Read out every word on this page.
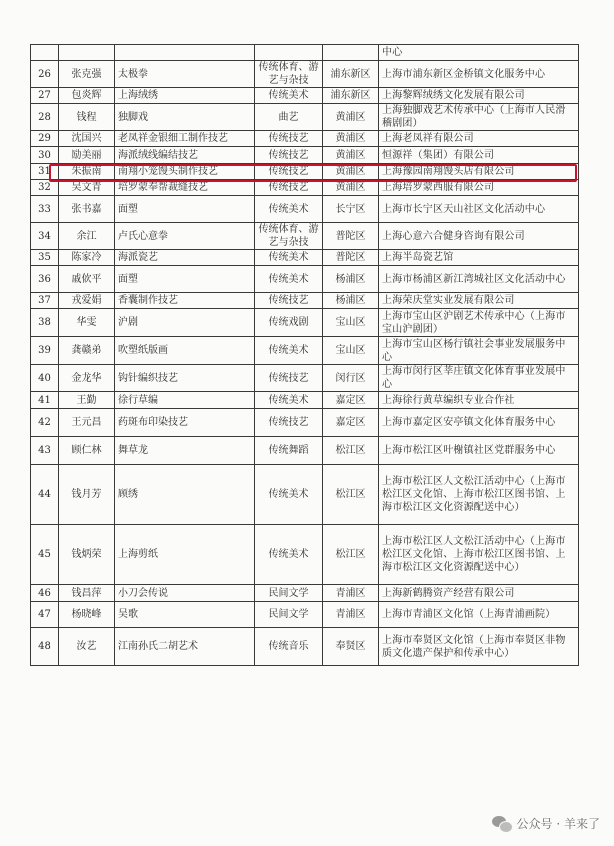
					中心
26	张克强	太极拳	传统体育、游艺与杂技	浦东新区	上海市浦东新区金桥镇文化服务中心
27	包炎辉	上海绒绣	传统美术	浦东新区	上海黎辉绒绣文化发展有限公司
28	钱程	独脚戏	曲艺	黄浦区	上海独脚戏艺术传承中心（上海市人民滑稽剧团）
29	沈国兴	老凤祥金银细工制作技艺	传统技艺	黄浦区	上海老凤祥有限公司
30	励美丽	海派绒线编结技艺	传统技艺	黄浦区	恒源祥（集团）有限公司
31	朱振南	南翔小笼馒头制作技艺	传统技艺	黄浦区	上海豫园南翔馒头店有限公司
32	吴文青	培罗蒙奉帮裁缝技艺	传统技艺	黄浦区	上海培罗蒙西服有限公司
33	张书嘉	面塑	传统美术	长宁区	上海市长宁区天山社区文化活动中心
34	余江	卢氏心意拳	传统体育、游艺与杂技	普陀区	上海心意六合健身咨询有限公司
35	陈家冷	海派瓷艺	传统美术	普陀区	上海半岛瓷艺馆
36	戚佽平	面塑	传统美术	杨浦区	上海市杨浦区新江湾城社区文化活动中心
37	戎爱娟	香囊制作技艺	传统技艺	杨浦区	上海荣庆堂实业发展有限公司
38	华雯	沪剧	传统戏剧	宝山区	上海市宝山区沪剧艺术传承中心（上海市宝山沪剧团）
39	龚赣弟	吹塑纸版画	传统美术	宝山区	上海市宝山区杨行镇社会事业发展服务中心
40	金龙华	钩针编织技艺	传统技艺	闵行区	上海市闵行区莘庄镇文化体育事业发展中心
41	王勤	徐行草编	传统美术	嘉定区	上海徐行黄草编织专业合作社
42	王元昌	药斑布印染技艺	传统技艺	嘉定区	上海市嘉定区安亭镇文化体育服务中心
43	顾仁林	舞草龙	传统舞蹈	松江区	上海市松江区叶榭镇社区党群服务中心
44	钱月芳	顾绣	传统美术	松江区	上海市松江区人文松江活动中心（上海市松江区文化馆、上海市松江区图书馆、上海市松江区文化资源配送中心）
45	钱炳荣	上海剪纸	传统美术	松江区	上海市松江区人文松江活动中心（上海市松江区文化馆、上海市松江区图书馆、上海市松江区文化资源配送中心）
46	钱昌萍	小刀会传说	民间文学	青浦区	上海新鹤腾资产经营有限公司
47	杨晓峰	吴歌	民间文学	青浦区	上海市青浦区文化馆（上海青浦画院）
48	汝艺	江南孙氏二胡艺术	传统音乐	奉贤区	上海市奉贤区文化馆（上海市奉贤区非物质文化遗产保护和传承中心）
公众号 · 羊来了
